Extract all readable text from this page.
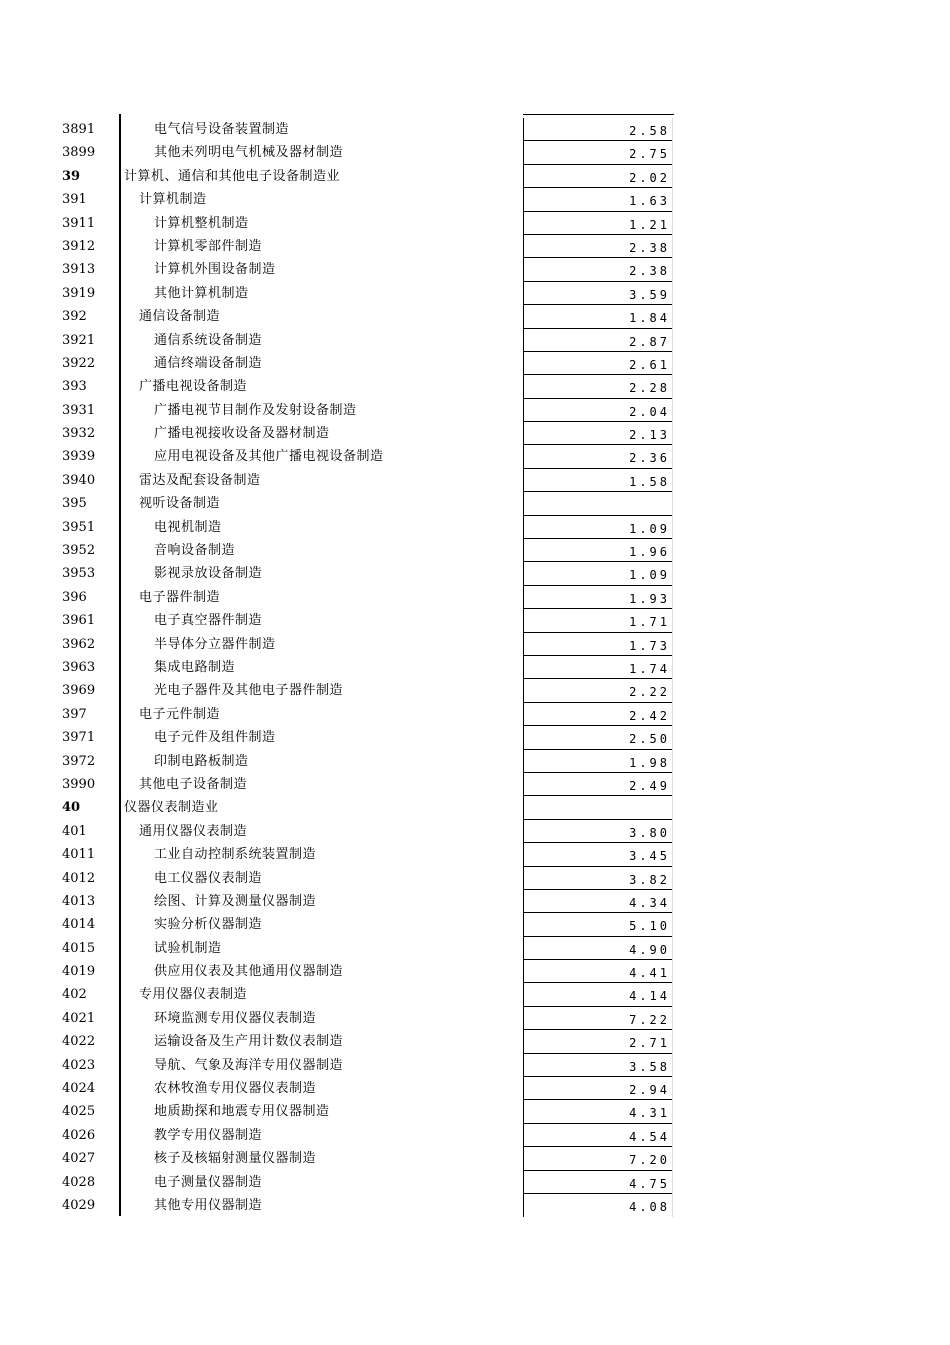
3891	电气信号设备装置制造	2.58
3899	其他未列明电气机械及器材制造	2.75
39	计算机、通信和其他电子设备制造业	2.02
391	计算机制造	1.63
3911	计算机整机制造	1.21
3912	计算机零部件制造	2.38
3913	计算机外围设备制造	2.38
3919	其他计算机制造	3.59
392	通信设备制造	1.84
3921	通信系统设备制造	2.87
3922	通信终端设备制造	2.61
393	广播电视设备制造	2.28
3931	广播电视节目制作及发射设备制造	2.04
3932	广播电视接收设备及器材制造	2.13
3939	应用电视设备及其他广播电视设备制造	2.36
3940	雷达及配套设备制造	1.58
395	视听设备制造
3951	电视机制造	1.09
3952	音响设备制造	1.96
3953	影视录放设备制造	1.09
396	电子器件制造	1.93
3961	电子真空器件制造	1.71
3962	半导体分立器件制造	1.73
3963	集成电路制造	1.74
3969	光电子器件及其他电子器件制造	2.22
397	电子元件制造	2.42
3971	电子元件及组件制造	2.50
3972	印制电路板制造	1.98
3990	其他电子设备制造	2.49
40	仪器仪表制造业
401	通用仪器仪表制造	3.80
4011	工业自动控制系统装置制造	3.45
4012	电工仪器仪表制造	3.82
4013	绘图、计算及测量仪器制造	4.34
4014	实验分析仪器制造	5.10
4015	试验机制造	4.90
4019	供应用仪表及其他通用仪器制造	4.41
402	专用仪器仪表制造	4.14
4021	环境监测专用仪器仪表制造	7.22
4022	运输设备及生产用计数仪表制造	2.71
4023	导航、气象及海洋专用仪器制造	3.58
4024	农林牧渔专用仪器仪表制造	2.94
4025	地质勘探和地震专用仪器制造	4.31
4026	教学专用仪器制造	4.54
4027	核子及核辐射测量仪器制造	7.20
4028	电子测量仪器制造	4.75
4029	其他专用仪器制造	4.08
